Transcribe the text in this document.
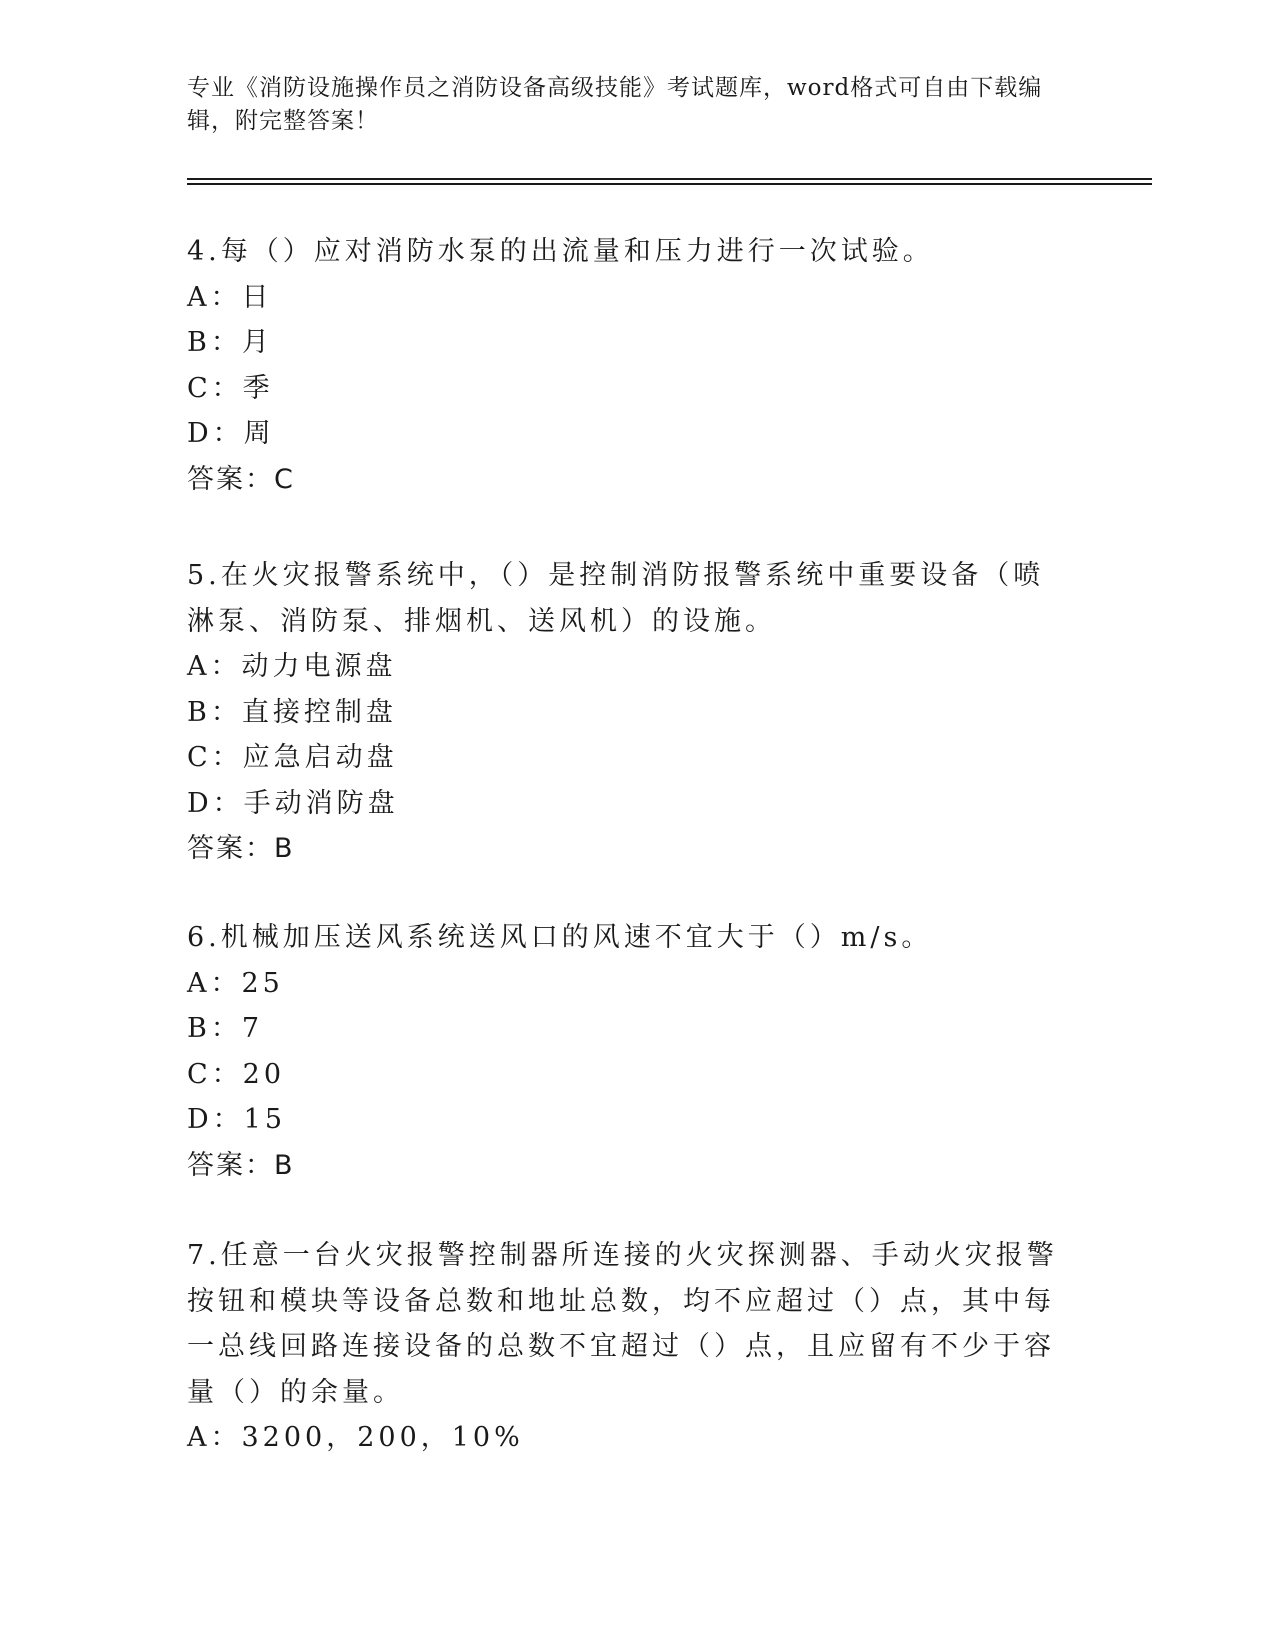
专业《消防设施操作员之消防设备高级技能》考试题库，word格式可自由下载编辑，附完整答案！
4.每（）应对消防水泵的出流量和压力进行一次试验。
A：日
B：月
C：季
D：周
答案：C
5.在火灾报警系统中，（）是控制消防报警系统中重要设备（喷淋泵、消防泵、排烟机、送风机）的设施。
A：动力电源盘
B：直接控制盘
C：应急启动盘
D：手动消防盘
答案：B
6.机械加压送风系统送风口的风速不宜大于（）m/s。
A：25
B：7
C：20
D：15
答案：B
7.任意一台火灾报警控制器所连接的火灾探测器、手动火灾报警按钮和模块等设备总数和地址总数，均不应超过（）点，其中每一总线回路连接设备的总数不宜超过（）点，且应留有不少于容量（）的余量。
A：3200，200，10%
